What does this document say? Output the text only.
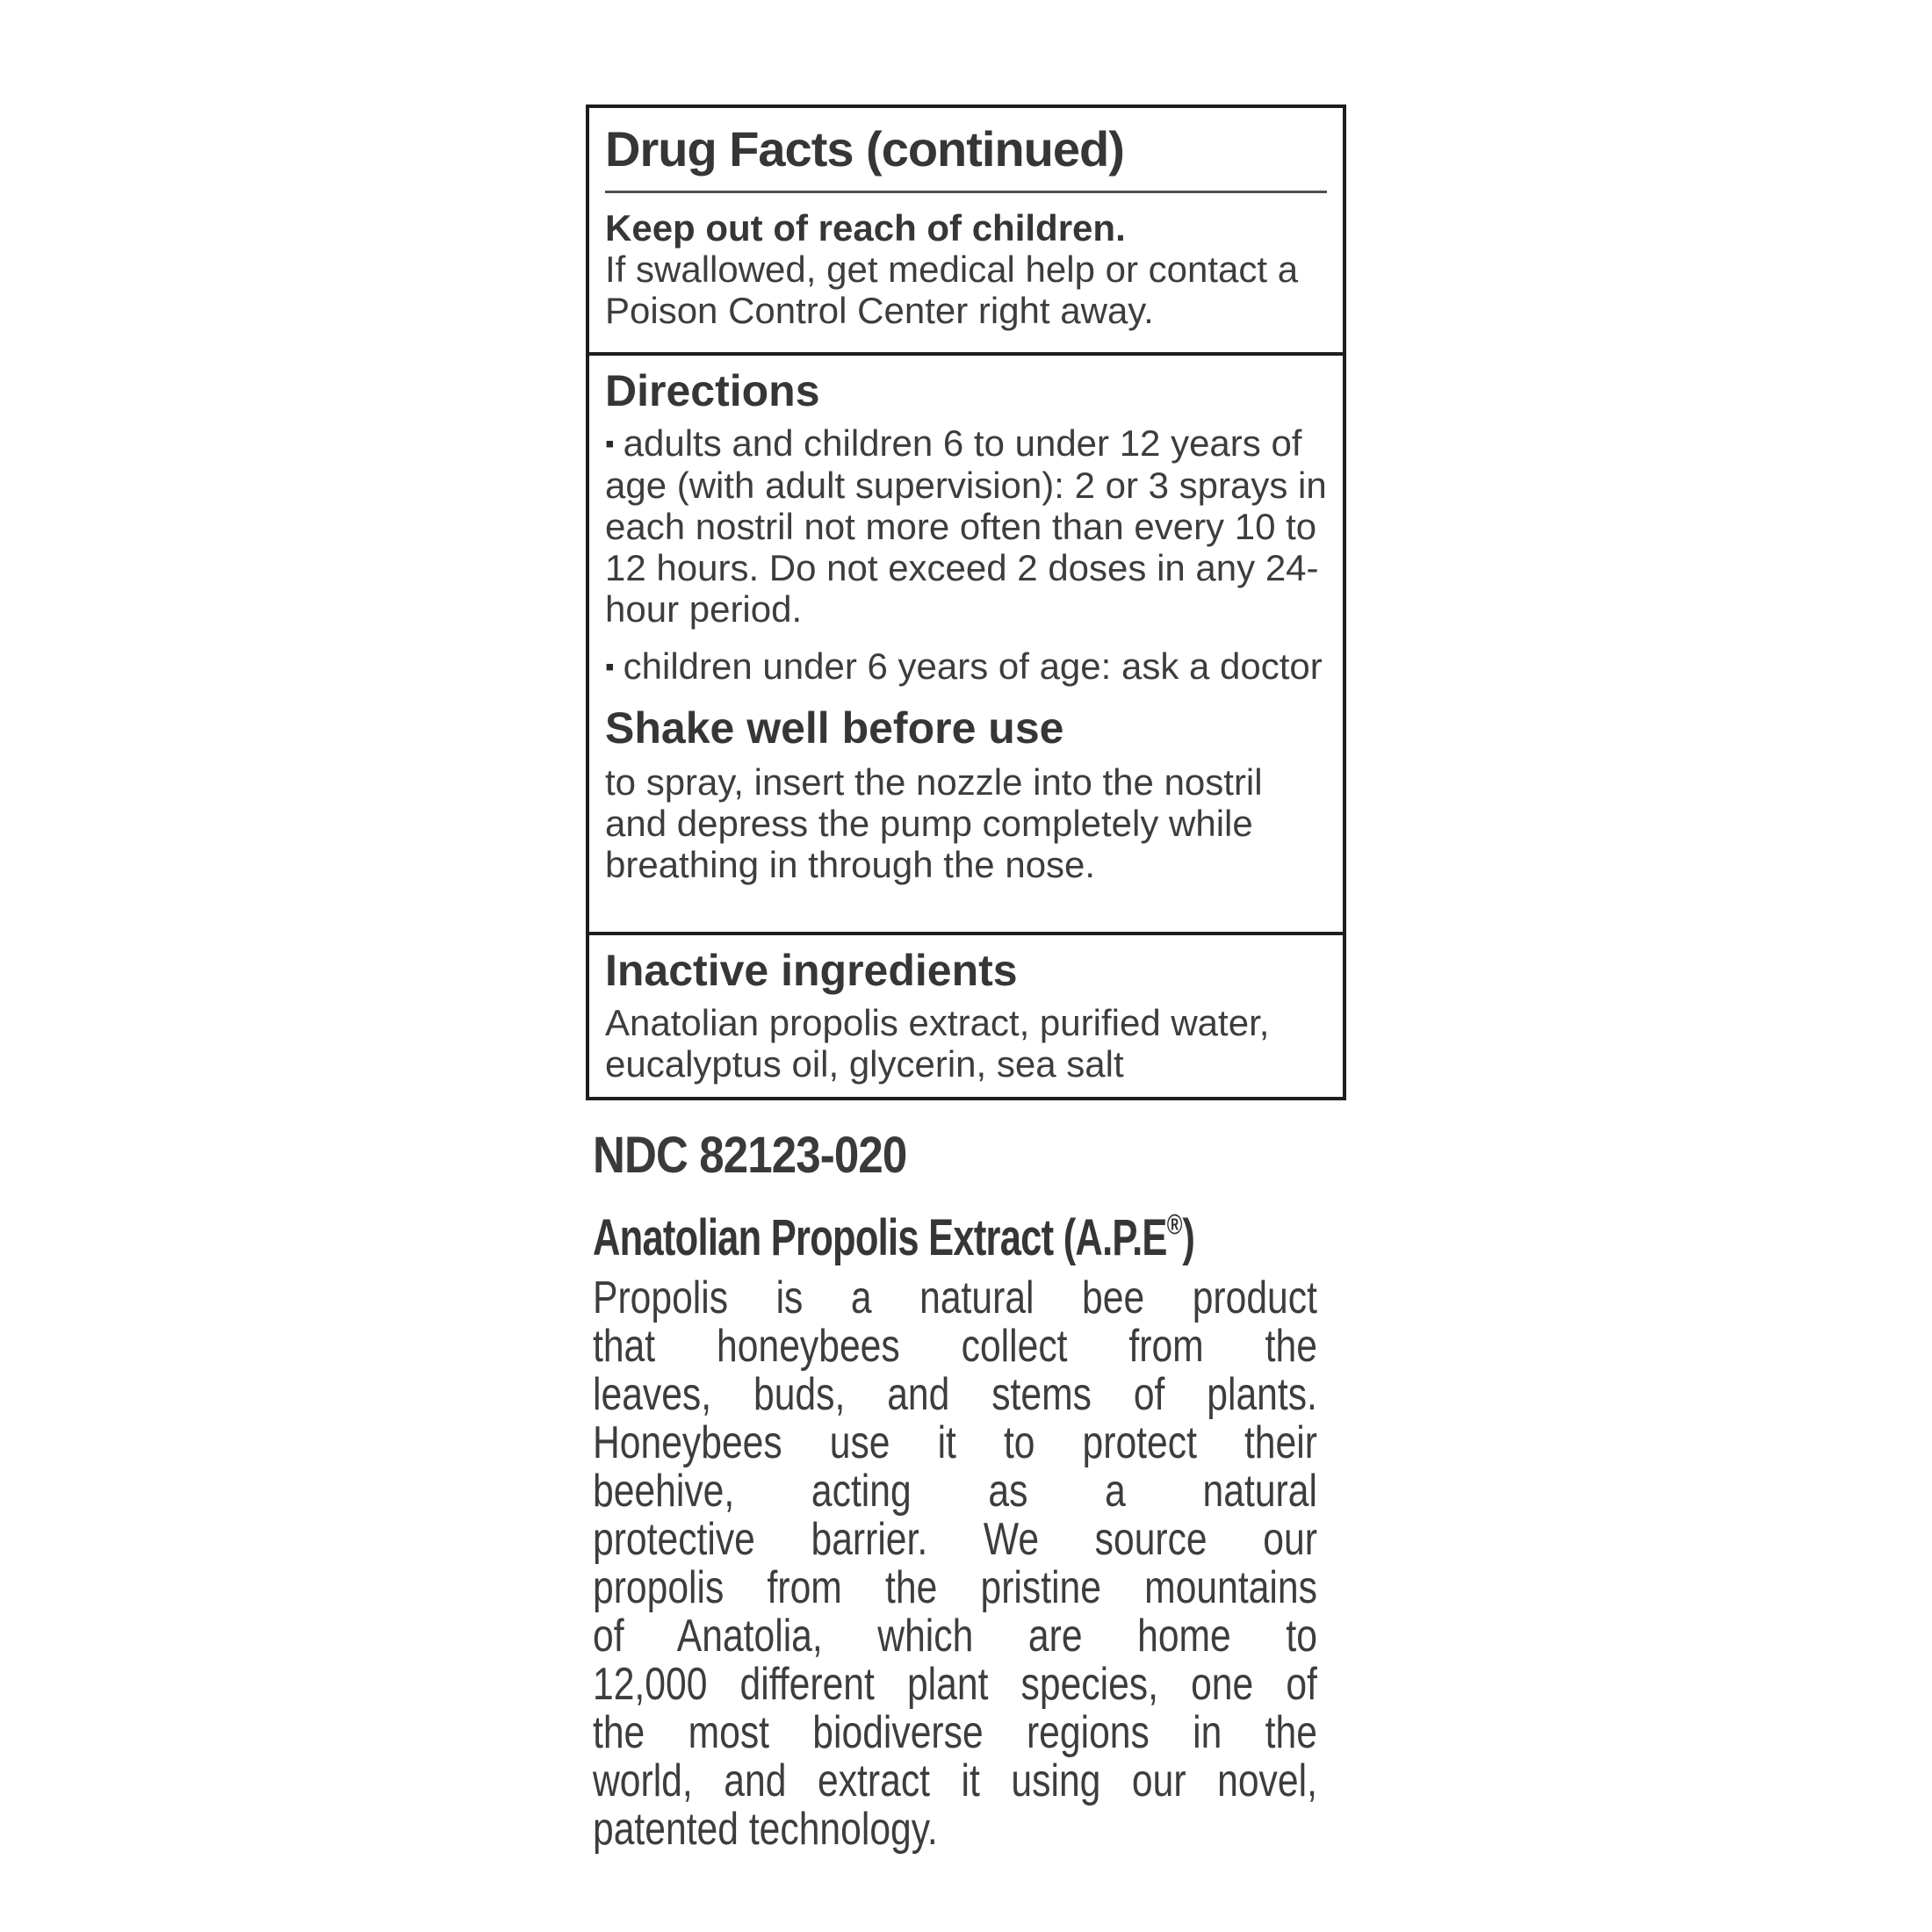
Drug Facts (continued)
Keep out of reach of children.

If swallowed, get medical help or contact a Poison Control Center right away.

Directions

▪ adults and children 6 to under 12 years of age (with adult supervision): 2 or 3 sprays in each nostril not more often than every 10 to 12 hours. Do not exceed 2 doses in any 24-hour period.

▪ children under 6 years of age: ask a doctor

Shake well before use

to spray, insert the nozzle into the nostril and depress the pump completely while breathing in through the nose.

Inactive ingredients

Anatolian propolis extract, purified water, eucalyptus oil, glycerin, sea salt

NDC 82123-020
Anatolian Propolis Extract (A.P.E®)
Propolis is a natural bee product
that honeybees collect from the
leaves, buds, and stems of plants.
Honeybees use it to protect their
beehive, acting as a natural
protective barrier. We source our
propolis from the pristine mountains
of Anatolia, which are home to
12,000 different plant species, one of
the most biodiverse regions in the
world, and extract it using our novel,
patented technology.
